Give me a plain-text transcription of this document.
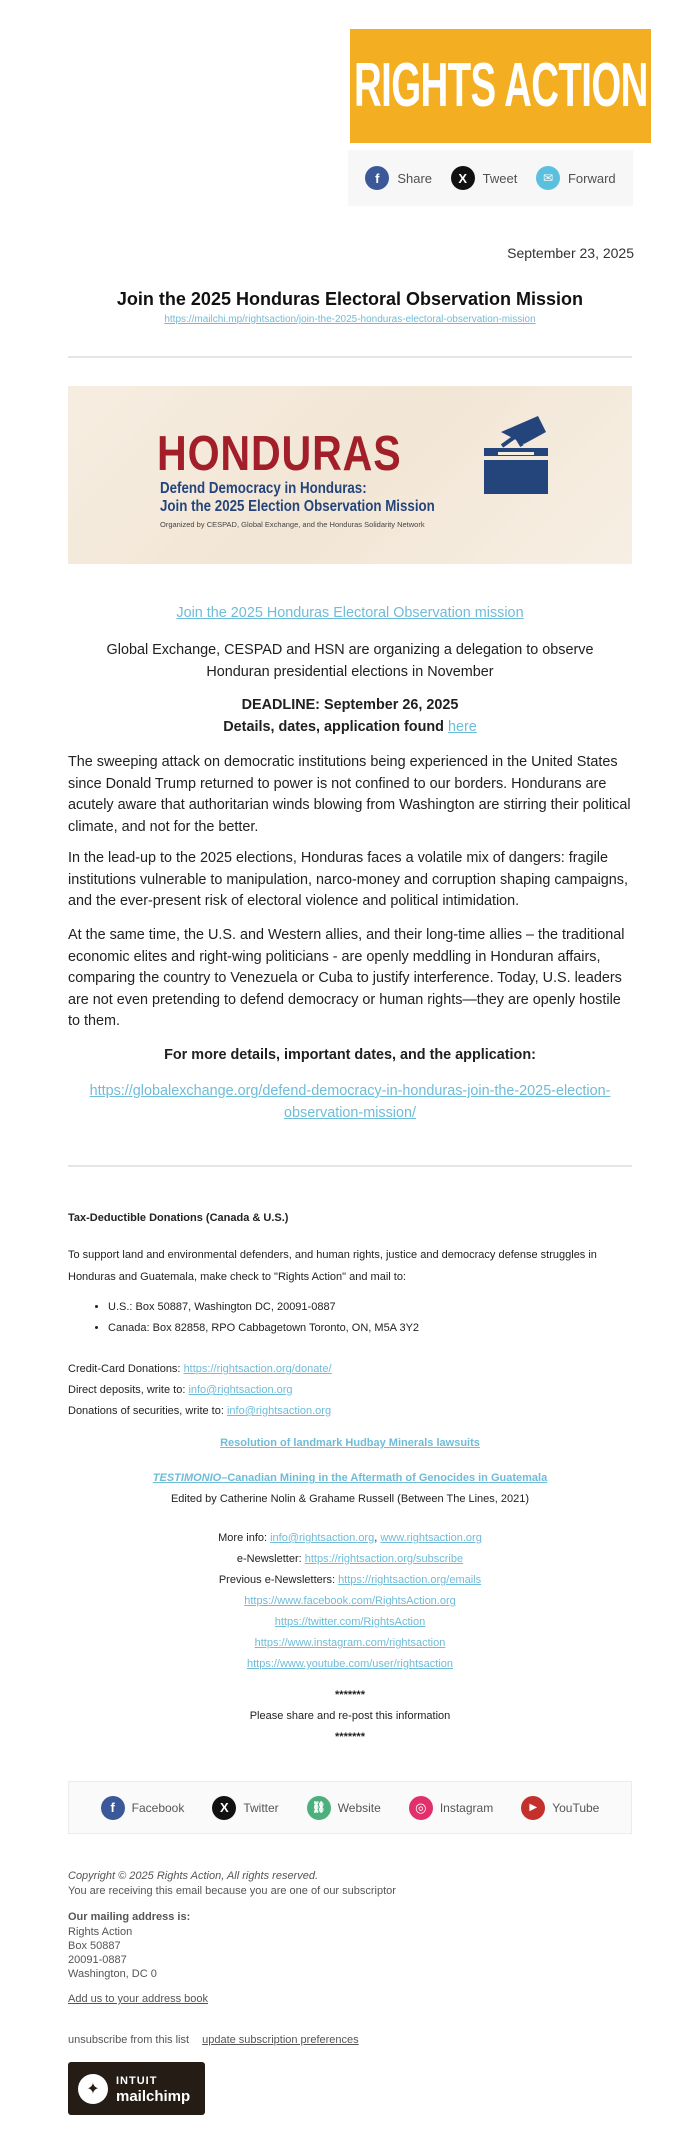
RIGHTS ACTION
f	Share	X	Tweet	✉	Forward
September 23, 2025
Join the 2025 Honduras Electoral Observation Mission
https://mailchi.mp/rightsaction/join-the-2025-honduras-electoral-observation-mission
HONDURAS
Defend Democracy in Honduras:
Join the 2025 Election Observation Mission
Organized by CESPAD, Global Exchange, and the Honduras Solidarity Network
Join the 2025 Honduras Electoral Observation mission
Global Exchange, CESPAD and HSN are organizing a delegation to observe Honduran presidential elections in November
DEADLINE: September 26, 2025
Details, dates, application found here
The sweeping attack on democratic institutions being experienced in the United States since Donald Trump returned to power is not confined to our borders. Hondurans are acutely aware that authoritarian winds blowing from Washington are stirring their political climate, and not for the better.
In the lead-up to the 2025 elections, Honduras faces a volatile mix of dangers: fragile institutions vulnerable to manipulation, narco-money and corruption shaping campaigns, and the ever-present risk of electoral violence and political intimidation.
At the same time, the U.S. and Western allies, and their long-time allies – the traditional economic elites and right-wing politicians - are openly meddling in Honduran affairs, comparing the country to Venezuela or Cuba to justify interference. Today, U.S. leaders are not even pretending to defend democracy or human rights—they are openly hostile to them.
For more details, important dates, and the application:
https://globalexchange.org/defend-democracy-in-honduras-join-the-2025-election-observation-mission/
Tax-Deductible Donations (Canada & U.S.)
To support land and environmental defenders, and human rights, justice and democracy defense struggles in Honduras and Guatemala, make check to "Rights Action" and mail to:
• U.S.: Box 50887, Washington DC, 20091-0887
• Canada: Box 82858, RPO Cabbagetown Toronto, ON, M5A 3Y2
Credit-Card Donations: https://rightsaction.org/donate/
Direct deposits, write to: info@rightsaction.org
Donations of securities, write to: info@rightsaction.org
Resolution of landmark Hudbay Minerals lawsuits
TESTIMONIO–Canadian Mining in the Aftermath of Genocides in Guatemala
Edited by Catherine Nolin & Grahame Russell (Between The Lines, 2021)
More info: info@rightsaction.org, www.rightsaction.org
e-Newsletter: https://rightsaction.org/subscribe
Previous e-Newsletters: https://rightsaction.org/emails
https://www.facebook.com/RightsAction.org
https://twitter.com/RightsAction
https://www.instagram.com/rightsaction
https://www.youtube.com/user/rightsaction
*******
Please share and re-post this information
*******
f	Facebook	X	Twitter	⛓	Website	◎	Instagram	▶	YouTube
Copyright © 2025 Rights Action, All rights reserved.
You are receiving this email because you are one of our subscriptor
Our mailing address is:
Rights Action
Box 50887
20091-0887
Washington, DC 0
Add us to your address book
unsubscribe from this list update subscription preferences
✦	INTUIT
mailchimp
